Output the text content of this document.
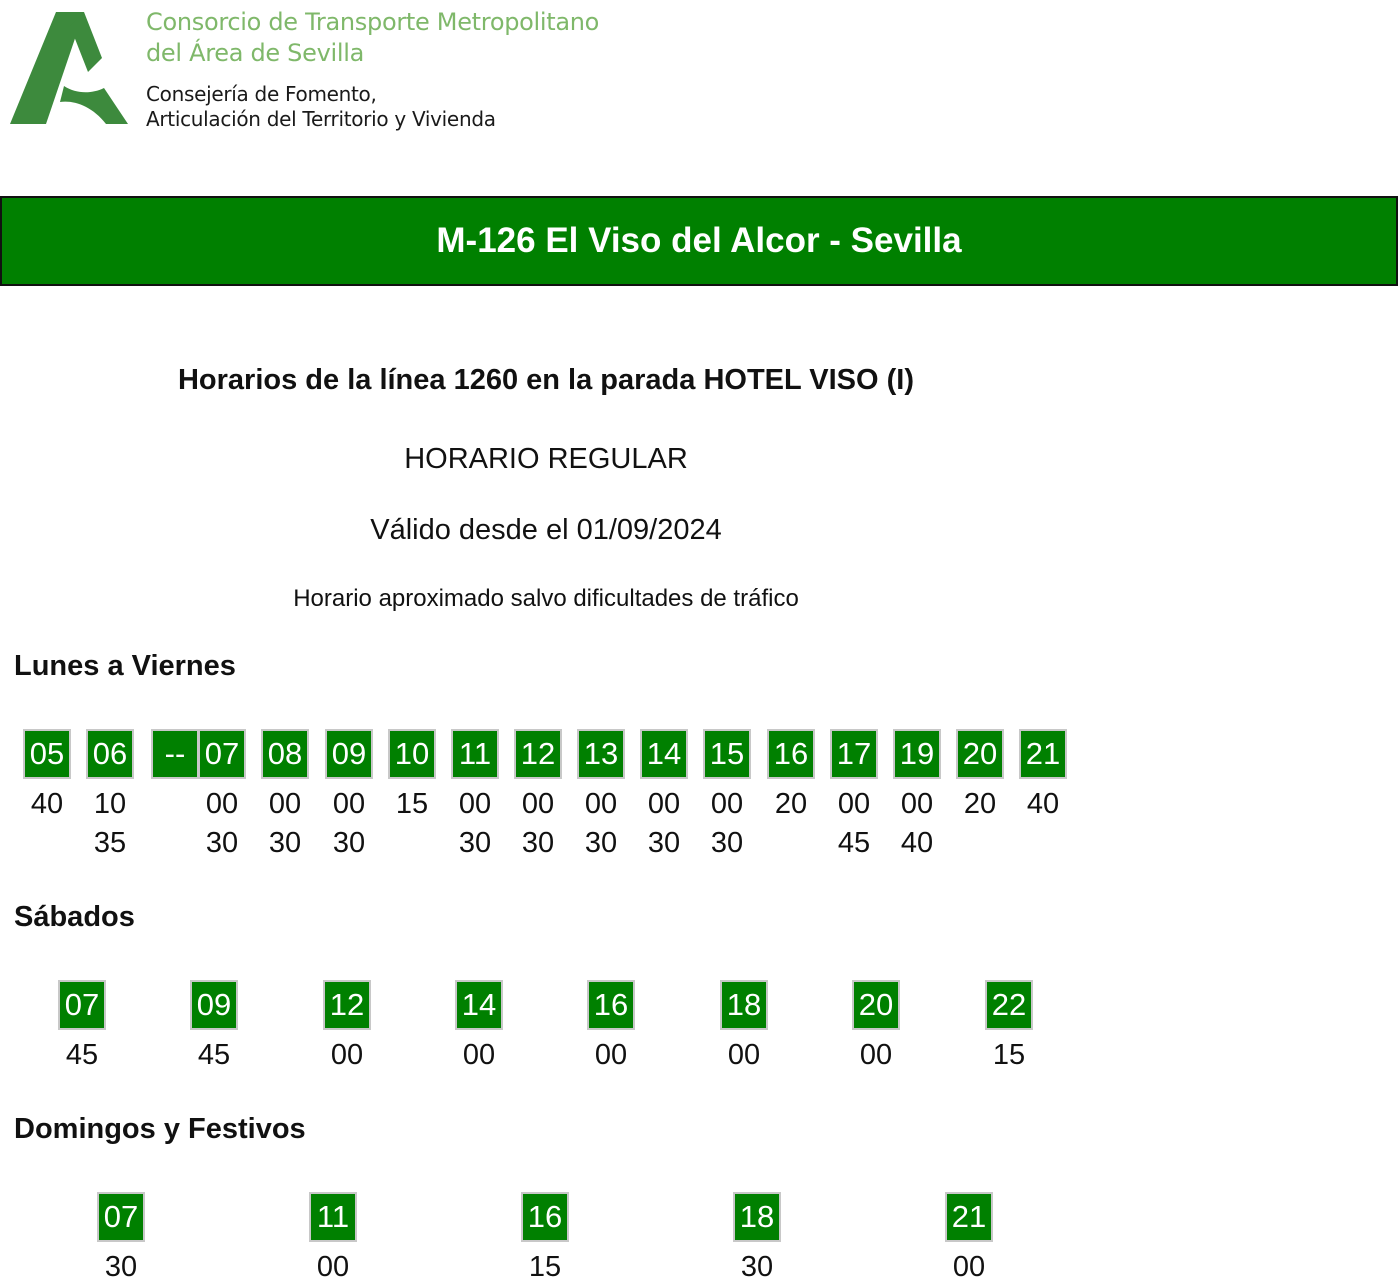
Consorcio de Transporte Metropolitano
del Área de Sevilla
Consejería de Fomento,
Articulación del Territorio y Vivienda
M-126 El Viso del Alcor - Sevilla
Horarios de la línea 1260 en la parada HOTEL VISO (I)
HORARIO REGULAR
Válido desde el 01/09/2024
Horario aproximado salvo dificultades de tráfico
Lunes a Viernes
Sábados
Domingos y Festivos
05
40
06
10
35
-- 07
00
30
08
00
30
09
00
30
10
15
11
00
30
12
00
30
13
00
30
14
00
30
15
00
30
16
20
17
00
45
19
00
40
20
20
21
40
07
45
09
45
12
00
14
00
16
00
18
00
20
00
22
15
07
30
11
00
16
15
18
30
21
00
